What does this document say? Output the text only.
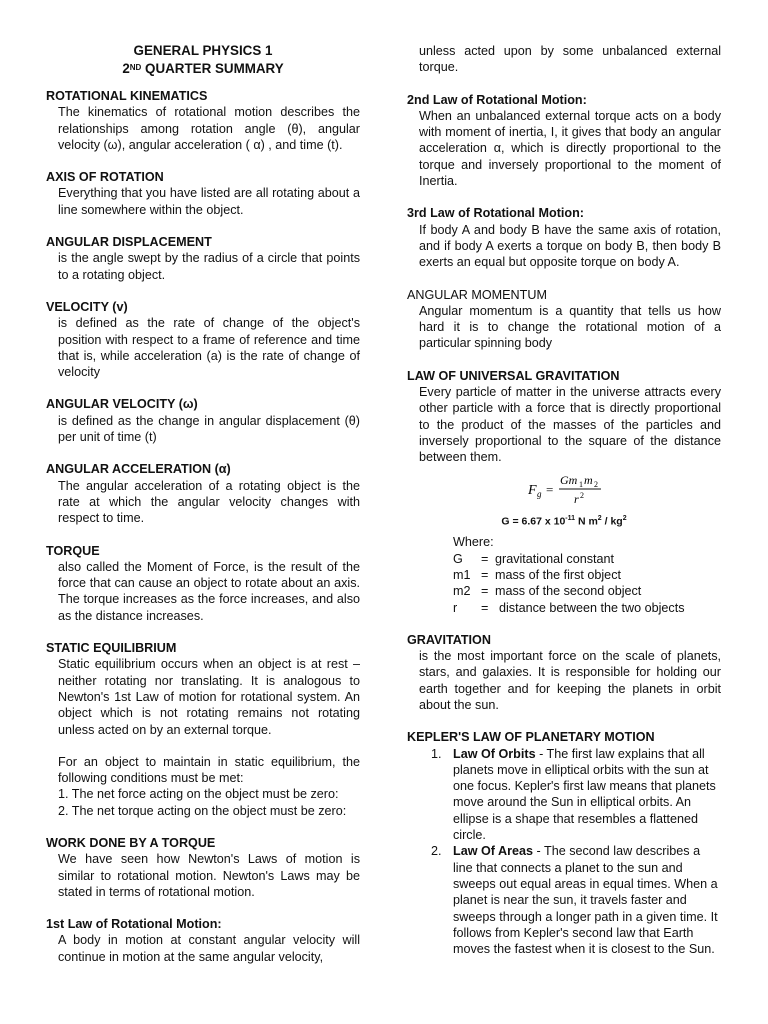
GENERAL PHYSICS 1
2ND QUARTER SUMMARY
ROTATIONAL KINEMATICS
The kinematics of rotational motion describes the relationships among rotation angle (θ), angular velocity (ω), angular acceleration ( α) , and time (t).
AXIS OF ROTATION
Everything that you have listed are all rotating about a line somewhere within the object.
ANGULAR DISPLACEMENT
is the angle swept by the radius of a circle that points to a rotating object.
VELOCITY (v)
is defined as the rate of change of the object's position with respect to a frame of reference and time that is, while acceleration (a) is the rate of change of velocity
ANGULAR VELOCITY (ω)
is defined as the change in angular displacement (θ) per unit of time (t)
ANGULAR ACCELERATION (α)
The angular acceleration of a rotating object is the rate at which the angular velocity changes with respect to time.
TORQUE
also called the Moment of Force, is the result of the force that can cause an object to rotate about an axis. The torque increases as the force increases, and also as the distance increases.
STATIC EQUILIBRIUM
Static equilibrium occurs when an object is at rest – neither rotating nor translating. It is analogous to Newton's 1st Law of motion for rotational system. An object which is not rotating remains not rotating unless acted on by an external torque.
For an object to maintain in static equilibrium, the following conditions must be met:
1. The net force acting on the object must be zero:
2. The net torque acting on the object must be zero:
WORK DONE BY A TORQUE
We have seen how Newton's Laws of motion is similar to rotational motion. Newton's Laws may be stated in terms of rotational motion.
1st Law of Rotational Motion:
A body in motion at constant angular velocity will continue in motion at the same angular velocity,
unless acted upon by some unbalanced external torque.
2nd Law of Rotational Motion:
When an unbalanced external torque acts on a body with moment of inertia, I, it gives that body an angular acceleration α, which is directly proportional to the torque and inversely proportional to the moment of Inertia.
3rd Law of Rotational Motion:
If body A and body B have the same axis of rotation, and if body A exerts a torque on body B, then body B exerts an equal but opposite torque on body A.
ANGULAR MOMENTUM
Angular momentum is a quantity that tells us how hard it is to change the rotational motion of a particular spinning body
LAW OF UNIVERSAL GRAVITATION
Every particle of matter in the universe attracts every other particle with a force that is directly proportional to the product of the masses of the particles and inversely proportional to the square of the distance between them.
F g =
Gm 1 m 2
r 2
G = 6.67 x $10^{-11}$ N $m^2 / kg^2$
Where:
G	=	gravitational constant
m1	=	mass of the first object
m2	=	mass of the second object
r	=	distance between the two objects
GRAVITATION
is the most important force on the scale of planets, stars, and galaxies. It is responsible for holding our earth together and for keeping the planets in orbit about the sun.
KEPLER'S LAW OF PLANETARY MOTION
1. Law Of Orbits - The first law explains that all planets move in elliptical orbits with the sun at one focus. Kepler's first law means that planets move around the Sun in elliptical orbits. An ellipse is a shape that resembles a flattened circle.
2. Law Of Areas - The second law describes a line that connects a planet to the sun and sweeps out equal areas in equal times. When a planet is near the sun, it travels faster and sweeps through a longer path in a given time. It follows from Kepler's second law that Earth moves the fastest when it is closest to the Sun.
